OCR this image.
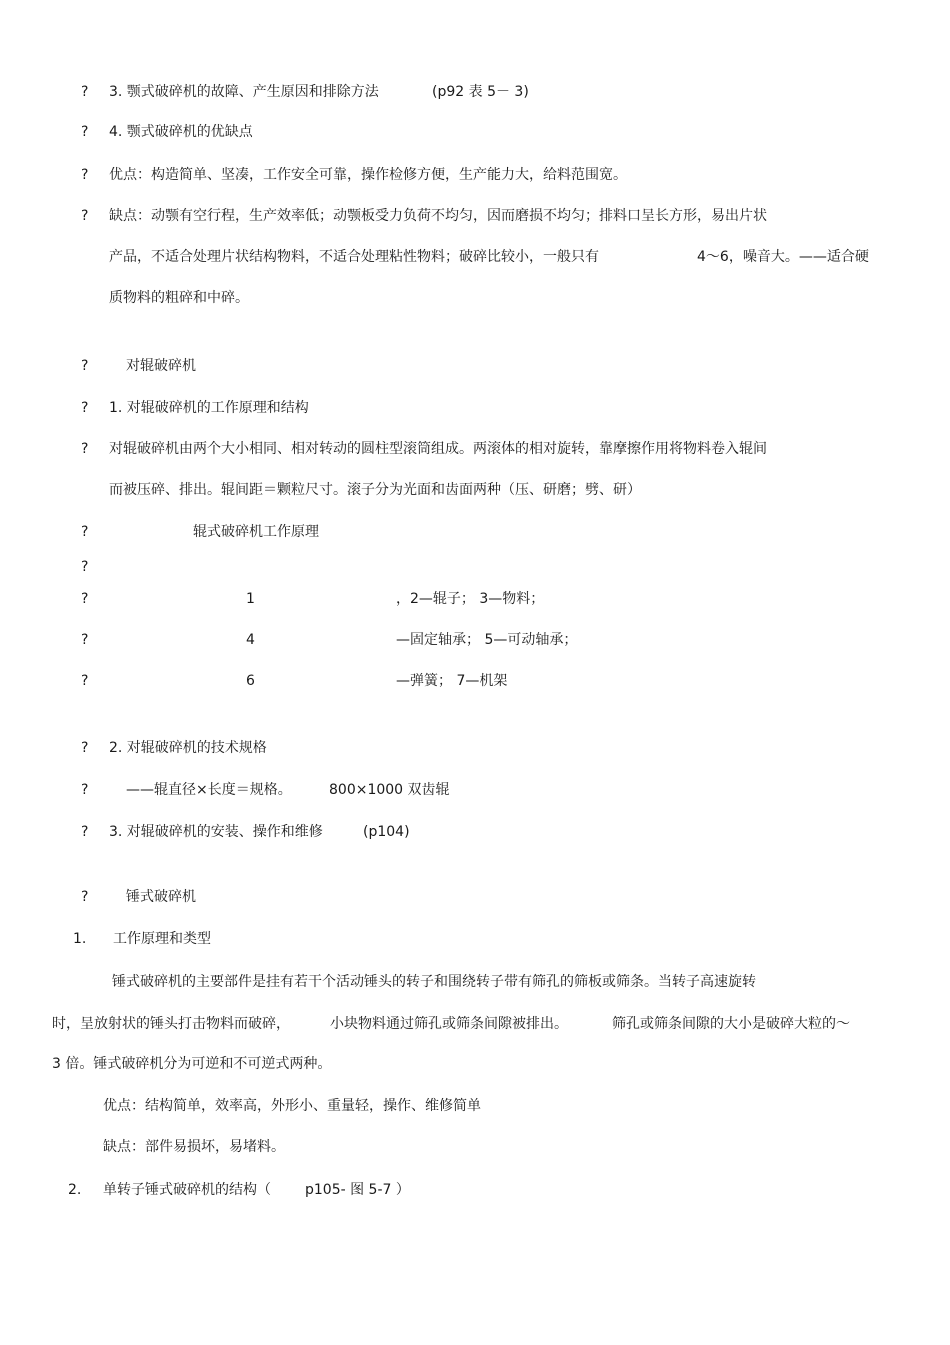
?	3. 颚式破碎机的故障、产生原因和排除方法	(p92 表 5－ 3)
?	4. 颚式破碎机的优缺点
?	优点：构造简单、坚凑，工作安全可靠，操作检修方便，生产能力大，给料范围宽。
?	缺点：动颚有空行程，生产效率低；动颚板受力负荷不均匀，因而磨损不均匀；排料口呈长方形，易出片状
产品，不适合处理片状结构物料，不适合处理粘性物料；破碎比较小，一般只有	4～6，噪音大。——适合硬
质物料的粗碎和中碎。
?	对辊破碎机
?	1. 对辊破碎机的工作原理和结构
?	对辊破碎机由两个大小相同、相对转动的圆柱型滚筒组成。两滚体的相对旋转，靠摩擦作用将物料卷入辊间
而被压碎、排出。辊间距＝颗粒尺寸。滚子分为光面和齿面两种（压、研磨；劈、研）
?	辊式破碎机工作原理
?
?	1	，2—辊子； 3—物料；
?	4	—固定轴承； 5—可动轴承；
?	6	—弹簧； 7—机架
?	2. 对辊破碎机的技术规格
?	——辊直径×长度＝规格。	800×1000 双齿辊
?	3. 对辊破碎机的安装、操作和维修	(p104)
?	锤式破碎机
1. 工作原理和类型
锤式破碎机的主要部件是挂有若干个活动锤头的转子和围绕转子带有筛孔的筛板或筛条。当转子高速旋转
时，呈放射状的锤头打击物料而破碎，	小块物料通过筛孔或筛条间隙被排出。	筛孔或筛条间隙的大小是破碎大粒的～
3 倍。锤式破碎机分为可逆和不可逆式两种。
优点：结构简单，效率高，外形小、重量轻，操作、维修简单
缺点：部件易损坏，易堵料。
2. 单转子锤式破碎机的结构（ p105- 图 5-7 ）
